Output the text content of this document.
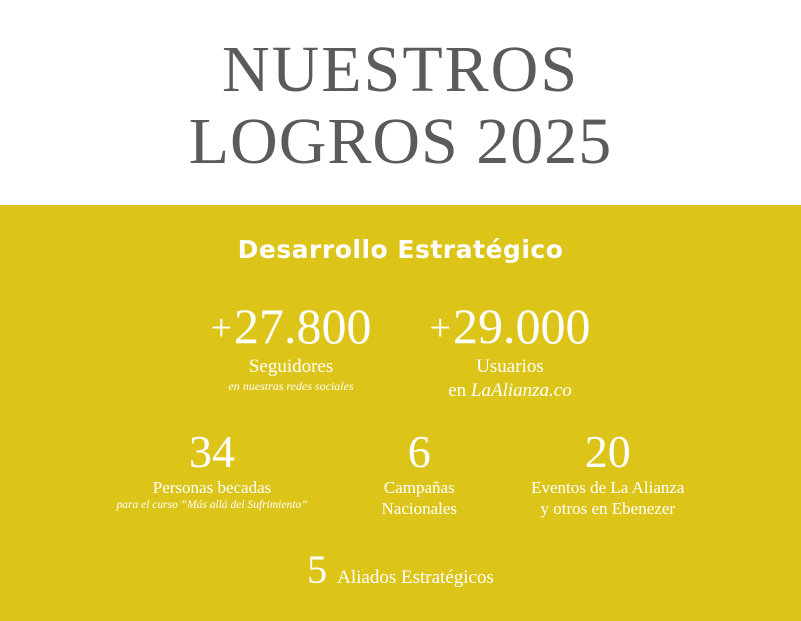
NUESTROS
LOGROS 2025
Desarrollo Estratégico
+27.800
Seguidores
en nuestras redes sociales
+29.000
Usuarios
en LaAlianza.co
34
Personas becadas
para el curso “Más allá del Sufrimiento”
6
Campañas
Nacionales
20
Eventos de La Alianza
y otros en Ebenezer
5 Aliados Estratégicos
